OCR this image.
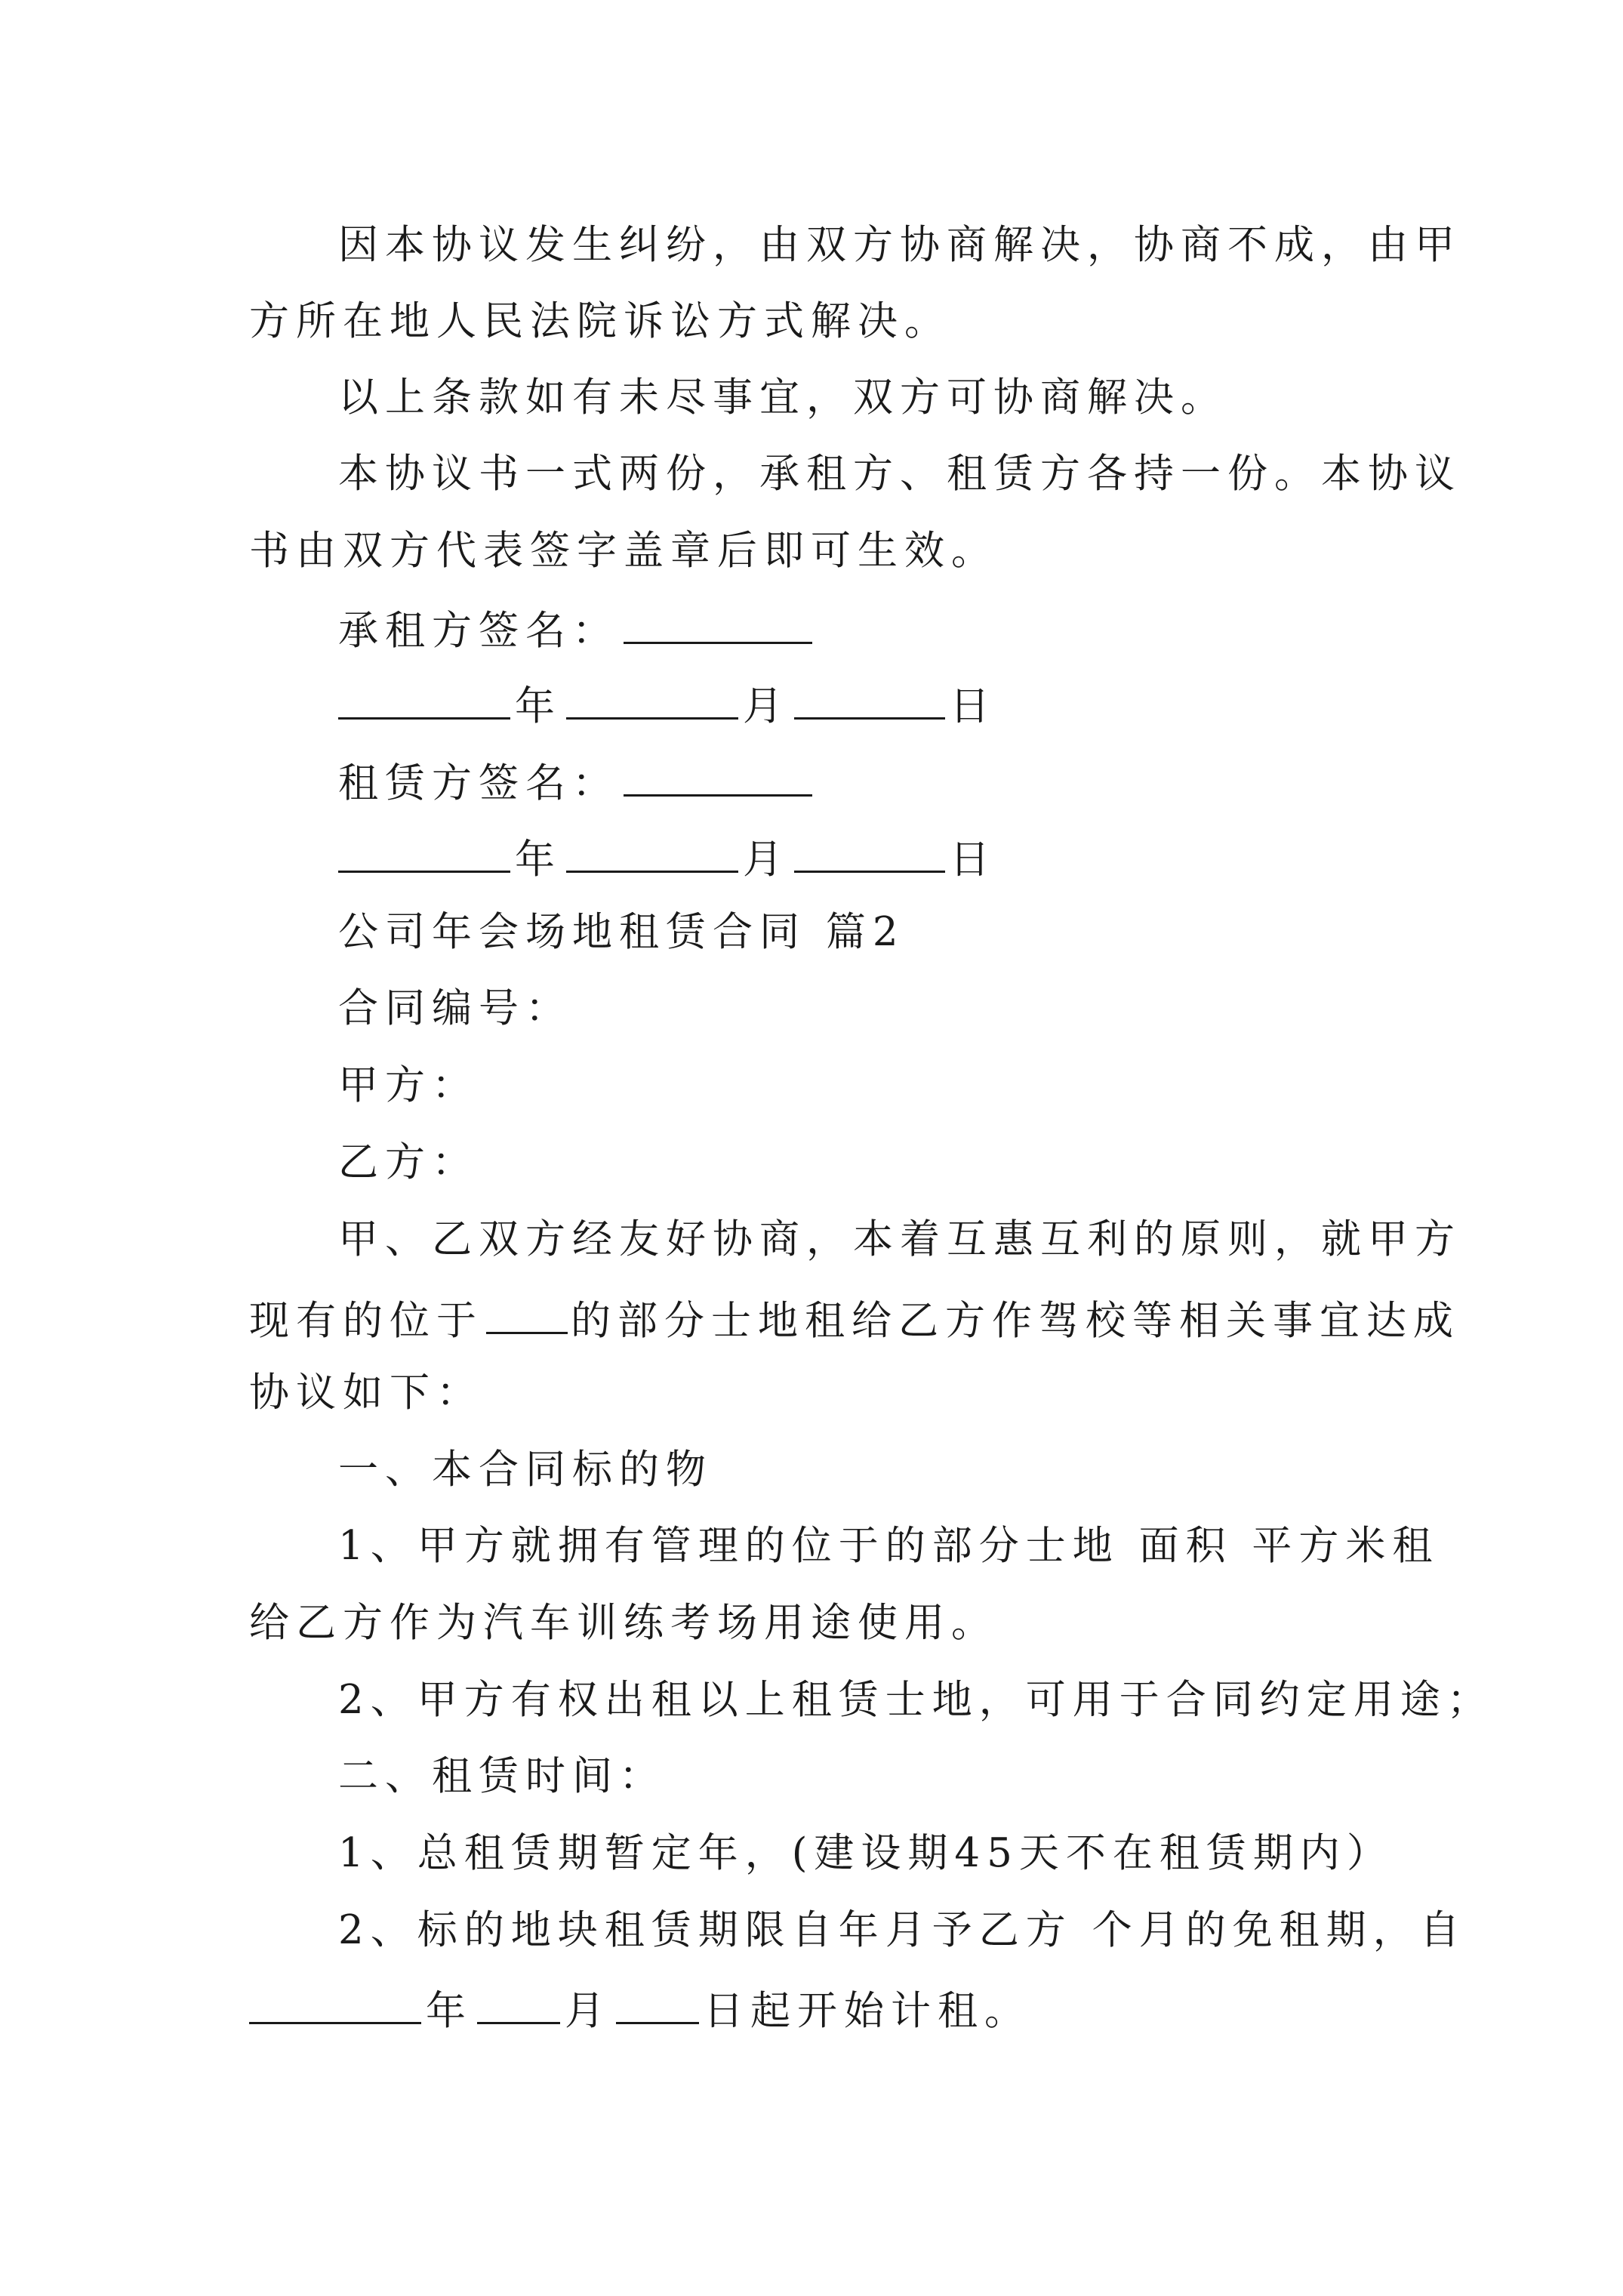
因本协议发生纠纷，由双方协商解决，协商不成，由甲
方所在地人民法院诉讼方式解决。
以上条款如有未尽事宜，双方可协商解决。
本协议书一式两份，承租方、租赁方各持一份。本协议
书由双方代表签字盖章后即可生效。
承租方签名：
年	月	日
租赁方签名：
年	月	日
公司年会场地租赁合同 篇2
合同编号：
甲方：
乙方：
甲、乙双方经友好协商，本着互惠互利的原则，就甲方
现有的位于 的部分士地租给乙方作驾校等相关事宜达成
协议如下：
一、本合同标的物
1、甲方就拥有管理的位于的部分士地 面积 平方米租
给乙方作为汽车训练考场用途使用。
2、甲方有权出租以上租赁士地，可用于合同约定用途；
二、租赁时间：
1、总租赁期暂定年，(建设期45天不在租赁期内）
2、标的地块租赁期限自年月予乙方 个月的免租期，自
年 月 日起开始计租。
